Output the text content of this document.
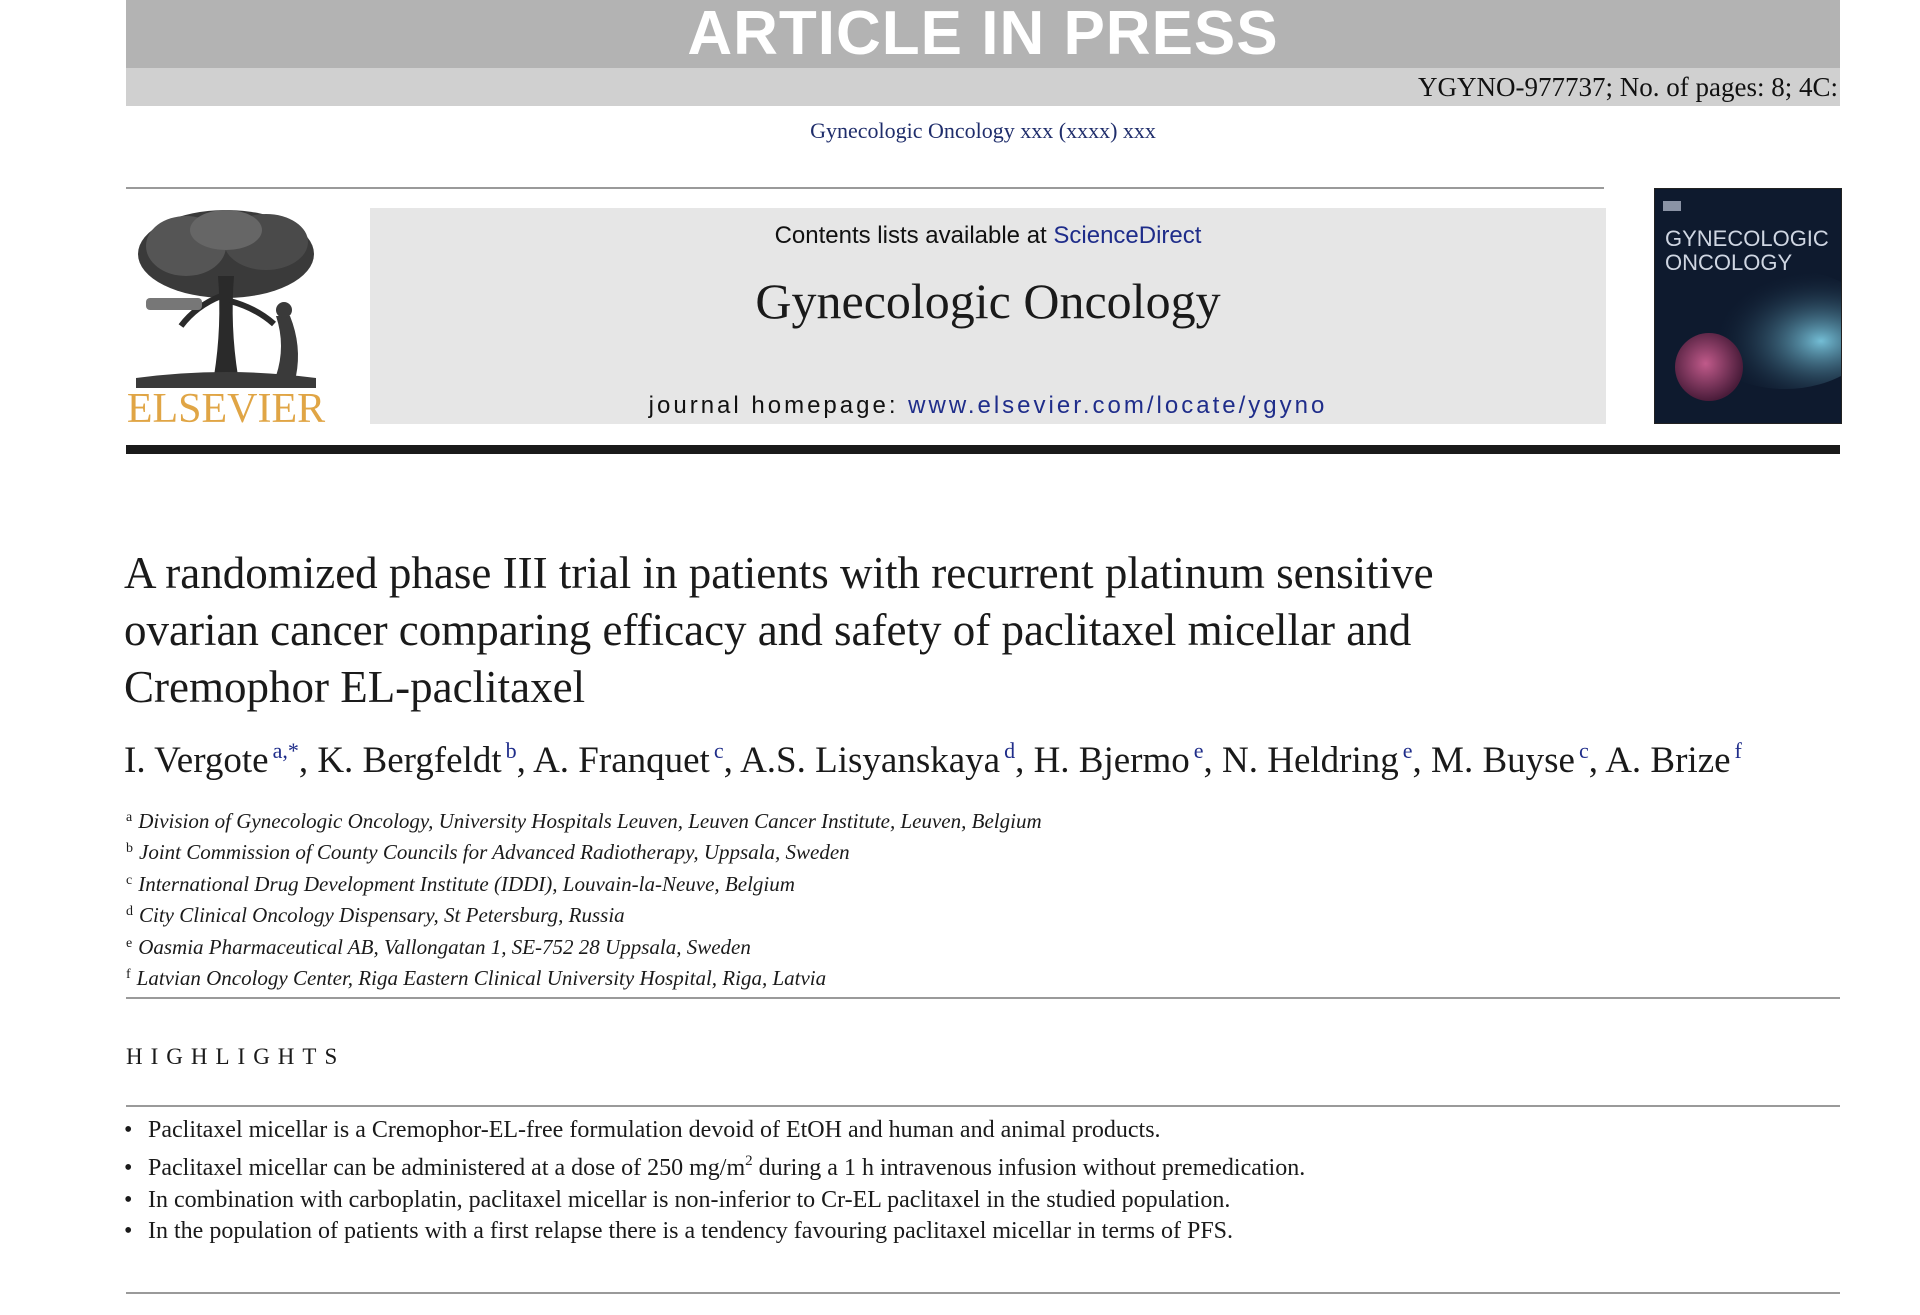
ARTICLE IN PRESS
YGYNO-977737; No. of pages: 8; 4C:
Gynecologic Oncology xxx (xxxx) xxx
ELSEVIER
Contents lists available at ScienceDirect
Gynecologic Oncology
journal homepage: www.elsevier.com/locate/ygyno
GYNECOLOGIC
ONCOLOGY
A randomized phase III trial in patients with recurrent platinum sensitive
ovarian cancer comparing efficacy and safety of paclitaxel micellar and
Cremophor EL-paclitaxel
I. Vergote $^{a,*}$, K. Bergfeldt $^b$, A. Franquet $^c$, A.S. Lisyanskaya $^d$, H. Bjermo $^e$, N. Heldring $^e$, M. Buyse $^c$, A. Brize $^f$
$^a$ Division of Gynecologic Oncology, University Hospitals Leuven, Leuven Cancer Institute, Leuven, Belgium
$^b$ Joint Commission of County Councils for Advanced Radiotherapy, Uppsala, Sweden
$^c$ International Drug Development Institute (IDDI), Louvain-la-Neuve, Belgium
$^d$ City Clinical Oncology Dispensary, St Petersburg, Russia
$^e$ Oasmia Pharmaceutical AB, Vallongatan 1, SE-752 28 Uppsala, Sweden
$^f$ Latvian Oncology Center, Riga Eastern Clinical University Hospital, Riga, Latvia
HIGHLIGHTS
• Paclitaxel micellar is a Cremophor-EL-free formulation devoid of EtOH and human and animal products.
• Paclitaxel micellar can be administered at a dose of 250 $mg/m^2$ during a 1 h intravenous infusion without premedication.
• In combination with carboplatin, paclitaxel micellar is non-inferior to Cr-EL paclitaxel in the studied population.
• In the population of patients with a first relapse there is a tendency favouring paclitaxel micellar in terms of PFS.
